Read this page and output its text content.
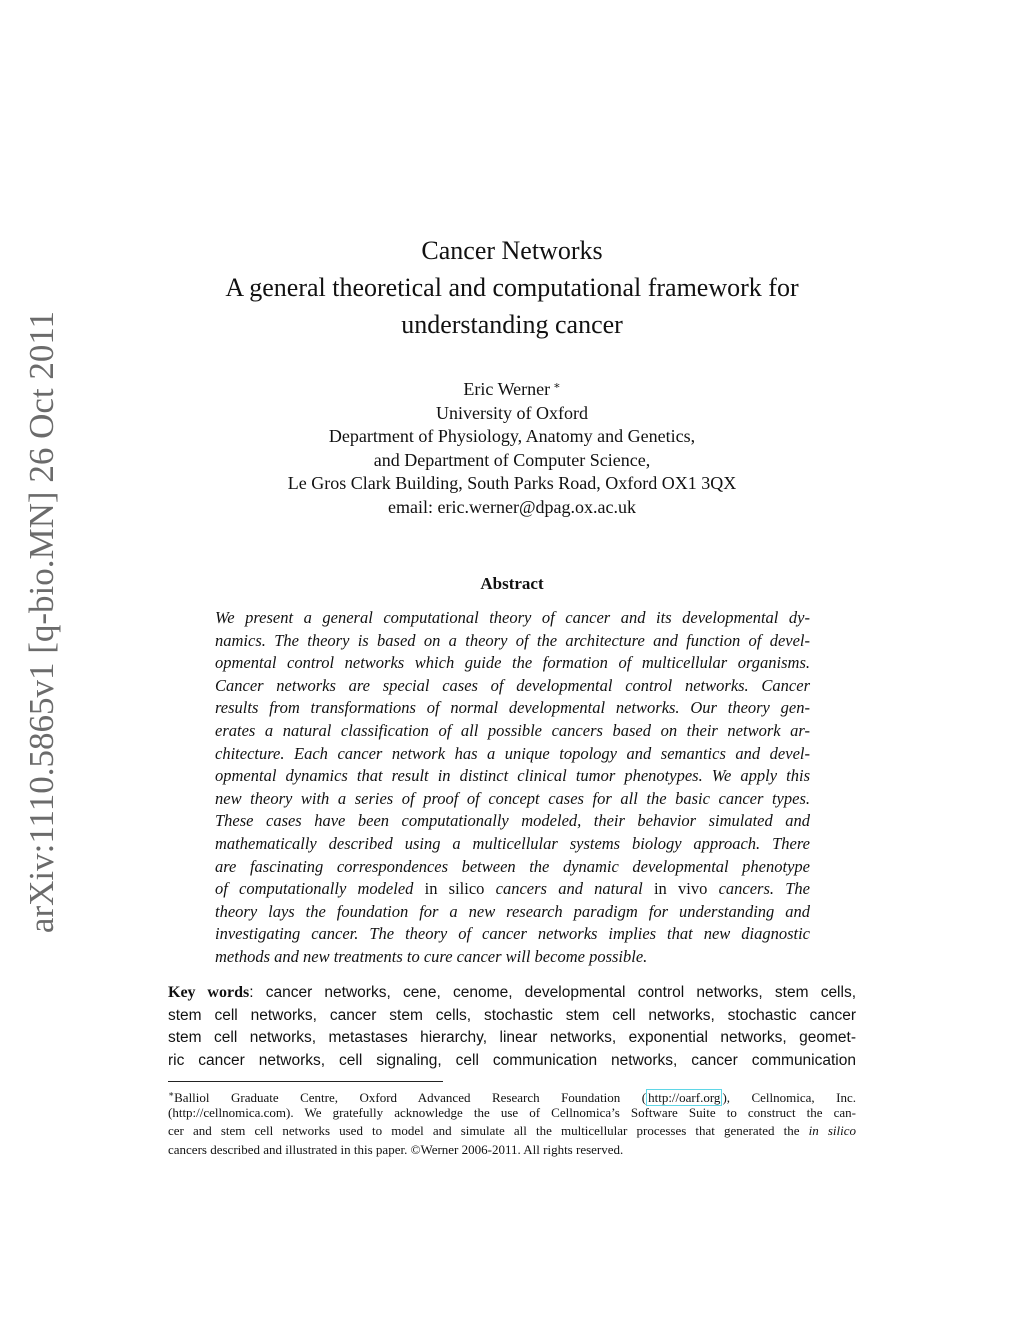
arXiv:1110.5865v1 [q-bio.MN] 26 Oct 2011
Cancer Networks
A general theoretical and computational framework for
understanding cancer
Eric Werner ∗
University of Oxford
Department of Physiology, Anatomy and Genetics,
and Department of Computer Science,
Le Gros Clark Building, South Parks Road, Oxford OX1 3QX
email: eric.werner@dpag.ox.ac.uk
Abstract
We present a general computational theory of cancer and its developmental dy-
namics. The theory is based on a theory of the architecture and function of devel-
opmental control networks which guide the formation of multicellular organisms.
Cancer networks are special cases of developmental control networks. Cancer
results from transformations of normal developmental networks. Our theory gen-
erates a natural classification of all possible cancers based on their network ar-
chitecture. Each cancer network has a unique topology and semantics and devel-
opmental dynamics that result in distinct clinical tumor phenotypes. We apply this
new theory with a series of proof of concept cases for all the basic cancer types.
These cases have been computationally modeled, their behavior simulated and
mathematically described using a multicellular systems biology approach. There
are fascinating correspondences between the dynamic developmental phenotype
of computationally modeled in silico cancers and natural in vivo cancers. The
theory lays the foundation for a new research paradigm for understanding and
investigating cancer. The theory of cancer networks implies that new diagnostic
methods and new treatments to cure cancer will become possible.
Key words: cancer networks, cene, cenome, developmental control networks, stem cells,
stem cell networks, cancer stem cells, stochastic stem cell networks, stochastic cancer
stem cell networks, metastases hierarchy, linear networks, exponential networks, geomet-
ric cancer networks, cell signaling, cell communication networks, cancer communication
∗Balliol Graduate Centre, Oxford Advanced Research Foundation ( http://oarf.org ), Cellnomica, Inc.
(http://cellnomica.com). We gratefully acknowledge the use of Cellnomica’s Software Suite to construct the can-
cer and stem cell networks used to model and simulate all the multicellular processes that generated the in silico
cancers described and illustrated in this paper. ©Werner 2006-2011. All rights reserved.
